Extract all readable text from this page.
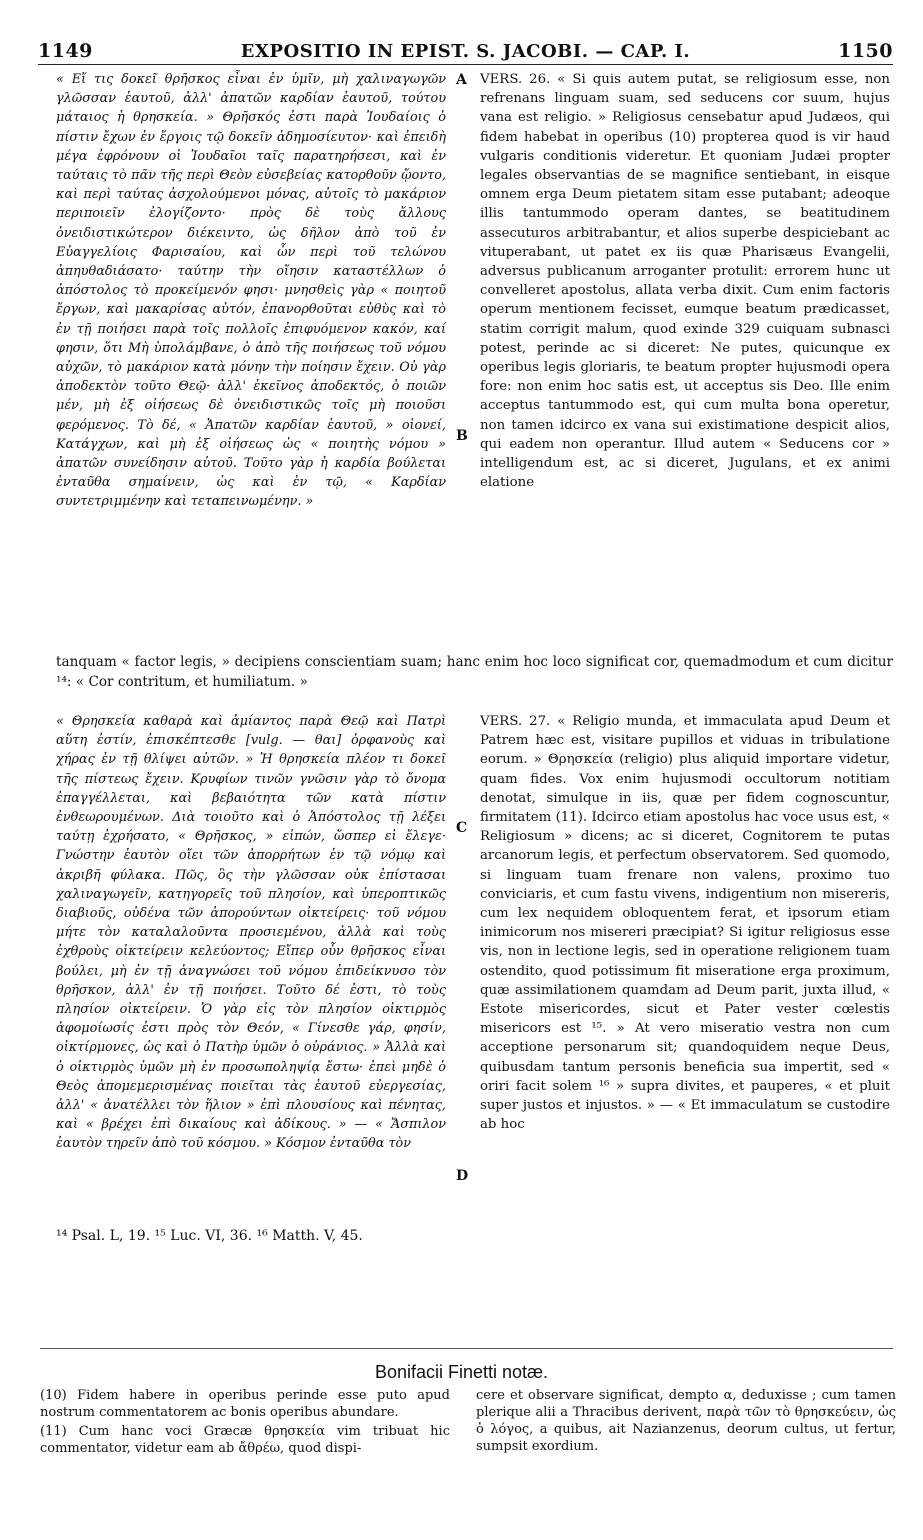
1149	EXPOSITIO IN EPIST. S. JACOBI. — CAP. I.	1150

« Εἴ τις δοκεῖ θρῆσκος εἶναι ἐν ὑμῖν, μὴ χαλιναγωγῶν γλῶσσαν ἑαυτοῦ, ἀλλ' ἀπατῶν καρδίαν ἑαυτοῦ, τούτου μάταιος ἡ θρησκεία. » Θρῆσκός ἐστι παρὰ Ἰουδαίοις ὁ πίστιν ἔχων ἐν ἔργοις τῷ δοκεῖν ἀδημοσίευτον· καὶ ἐπειδὴ μέγα ἐφρόνουν οἱ Ἰουδαῖοι ταῖς παρατηρήσεσι, καὶ ἐν ταύταις τὸ πᾶν τῆς περὶ Θεὸν εὐσεβείας κατορθοῦν ᾤοντο, καὶ περὶ ταύτας ἀσχολούμενοι μόνας, αὐτοῖς τὸ μακάριον περιποιεῖν ἐλογίζοντο· πρὸς δὲ τοὺς ἄλλους ὀνειδιστικώτερον διέκειντο, ὡς δῆλον ἀπὸ τοῦ ἐν Εὐαγγελίοις Φαρισαίου, καὶ ὧν περὶ τοῦ τελώνου ἀπηυθαδιάσατο· ταύτην τὴν οἴησιν καταστέλλων ὁ ἀπόστολος τὸ προκείμενόν φησι· μνησθεὶς γὰρ « ποιητοῦ ἔργων, καὶ μακαρίσας αὐτόν, ἐπανορθοῦται εὐθὺς καὶ τὸ ἐν τῇ ποιήσει παρὰ τοῖς πολλοῖς ἐπιφυόμενον κακόν, καί φησιν, ὅτι Μὴ ὑπολάμβανε, ὁ ἀπὸ τῆς ποιήσεως τοῦ νόμου αὐχῶν, τὸ μακάριον κατὰ μόνην τὴν ποίησιν ἔχειν. Οὐ γὰρ ἀποδεκτὸν τοῦτο Θεῷ· ἀλλ' ἐκεῖνος ἀποδεκτός, ὁ ποιῶν μέν, μὴ ἐξ οἰήσεως δὲ ὀνειδιστικῶς τοῖς μὴ ποιοῦσι φερόμενος. Τὸ δέ, « Ἀπατῶν καρδίαν ἑαυτοῦ, » οἱονεί, Κατάγχων, καὶ μὴ ἐξ οἰήσεως ὡς « ποιητὴς νόμου » ἀπατῶν συνείδησιν αὐτοῦ. Τοῦτο γὰρ ἡ καρδία βούλεται ἐνταῦθα σημαίνειν, ὡς καὶ ἐν τῷ, « Καρδίαν συντετριμμένην καὶ τεταπεινωμένην. »

VERS. 26. « Si quis autem putat, se religiosum esse, non refrenans linguam suam, sed seducens cor suum, hujus vana est religio. » Religiosus censebatur apud Judæos, qui fidem habebat in operibus (10) propterea quod is vir haud vulgaris conditionis videretur. Et quoniam Judæi propter legales observantias de se magnifice sentiebant, in eisque omnem erga Deum pietatem sitam esse putabant; adeoque illis tantummodo operam dantes, se beatitudinem assecuturos arbitrabantur, et alios superbe despiciebant ac vituperabant, ut patet ex iis quæ Pharisæus Evangelii, adversus publicanum arroganter protulit: errorem hunc ut convelleret apostolus, allata verba dixit. Cum enim factoris operum mentionem fecisset, eumque beatum prædicasset, statim corrigit malum, quod exinde 329 cuiquam subnasci potest, perinde ac si diceret: Ne putes, quicunque ex operibus legis gloriaris, te beatum propter hujusmodi opera fore: non enim hoc satis est, ut acceptus sis Deo. Ille enim acceptus tantummodo est, qui cum multa bona operetur, non tamen idcirco ex vana sui existimatione despicit alios, qui eadem non operantur. Illud autem « Seducens cor » intelligendum est, ac si diceret, Jugulans, et ex animi elatione

A
B
C
D
tanquam « factor legis, » decipiens conscientiam suam; hanc enim hoc loco significat cor, quemadmodum et cum dicitur ¹⁴: « Cor contritum, et humiliatum. »

« Θρησκεία καθαρὰ καὶ ἀμίαντος παρὰ Θεῷ καὶ Πατρὶ αὕτη ἐστίν, ἐπισκέπτεσθε [vulg. — θαι] ὀρφανοὺς καὶ χήρας ἐν τῇ θλίψει αὐτῶν. » Ἡ θρησκεία πλέον τι δοκεῖ τῆς πίστεως ἔχειν. Κρυφίων τινῶν γνῶσιν γὰρ τὸ ὄνομα ἐπαγγέλλεται, καὶ βεβαιότητα τῶν κατὰ πίστιν ἐνθεωρουμένων. Διὰ τοιοῦτο καὶ ὁ Ἀπόστολος τῇ λέξει ταύτῃ ἐχρήσατο, « Θρῆσκος, » εἰπών, ὥσπερ εἰ ἔλεγε· Γνώστην ἑαυτὸν οἴει τῶν ἀπορρήτων ἐν τῷ νόμῳ καὶ ἀκριβῆ φύλακα. Πῶς, ὃς τὴν γλῶσσαν οὐκ ἐπίστασαι χαλιναγωγεῖν, κατηγορεῖς τοῦ πλησίον, καὶ ὑπεροπτικῶς διαβιοῦς, οὐδένα τῶν ἀπορούντων οἰκτείρεις· τοῦ νόμου μήτε τὸν καταλαλοῦντα προσιεμένου, ἀλλὰ καὶ τοὺς ἐχθροὺς οἰκτείρειν κελεύοντος; Εἴπερ οὖν θρῆσκος εἶναι βούλει, μὴ ἐν τῇ ἀναγνώσει τοῦ νόμου ἐπιδείκνυσο τὸν θρῆσκον, ἀλλ' ἐν τῇ ποιήσει. Τοῦτο δέ ἐστι, τὸ τοὺς πλησίον οἰκτείρειν. Ὁ γὰρ εἰς τὸν πλησίον οἰκτιρμὸς ἀφομοίωσίς ἐστι πρὸς τὸν Θεόν, « Γίνεσθε γάρ, φησίν, οἰκτίρμονες, ὡς καὶ ὁ Πατὴρ ὑμῶν ὁ οὐράνιος. » Ἀλλὰ καὶ ὁ οἰκτιρμὸς ὑμῶν μὴ ἐν προσωποληψίᾳ ἔστω· ἐπεὶ μηδὲ ὁ Θεὸς ἀπομεμερισμένας ποιεῖται τὰς ἑαυτοῦ εὐεργεσίας, ἀλλ' « ἀνατέλλει τὸν ἥλιον » ἐπὶ πλουσίους καὶ πένητας, καὶ « βρέχει ἐπὶ δικαίους καὶ ἀδίκους. » — « Ἄσπιλον ἑαυτὸν τηρεῖν ἀπὸ τοῦ κόσμου. » Κόσμον ἐνταῦθα τὸν

VERS. 27. « Religio munda, et immaculata apud Deum et Patrem hæc est, visitare pupillos et viduas in tribulatione eorum. » Θρησκεία (religio) plus aliquid importare videtur, quam fides. Vox enim hujusmodi occultorum notitiam denotat, simulque in iis, quæ per fidem cognoscuntur, firmitatem (11). Idcirco etiam apostolus hac voce usus est, « Religiosum » dicens; ac si diceret, Cognitorem te putas arcanorum legis, et perfectum observatorem. Sed quomodo, si linguam tuam frenare non valens, proximo tuo conviciaris, et cum fastu vivens, indigentium non misereris, cum lex nequidem obloquentem ferat, et ipsorum etiam inimicorum nos misereri præcipiat? Si igitur religiosus esse vis, non in lectione legis, sed in operatione religionem tuam ostendito, quod potissimum fit miseratione erga proximum, quæ assimilationem quamdam ad Deum parit, juxta illud, « Estote misericordes, sicut et Pater vester cœlestis misericors est ¹⁵. » At vero miseratio vestra non cum acceptione personarum sit; quandoquidem neque Deus, quibusdam tantum personis beneficia sua impertit, sed « oriri facit solem ¹⁶ » supra divites, et pauperes, « et pluit super justos et injustos. » — « Et immaculatum se custodire ab hoc

¹⁴ Psal. L, 19. ¹⁵ Luc. VI, 36. ¹⁶ Matth. V, 45.
Bonifacii Finetti notæ.

(10) Fidem habere in operibus perinde esse puto apud nostrum commentatorem ac bonis operibus abundare.

(11) Cum hanc voci Græcæ θρησκεία vim tribuat hic commentator, videtur eam ab ἄθρέω, quod dispi-

cere et observare significat, dempto α, deduxisse ; cum tamen plerique alii a Thracibus derivent, παρὰ τῶν τὸ θρησκεύειν, ὡς ὁ λόγος, a quibus, ait Nazianzenus, deorum cultus, ut fertur, sumpsit exordium.
